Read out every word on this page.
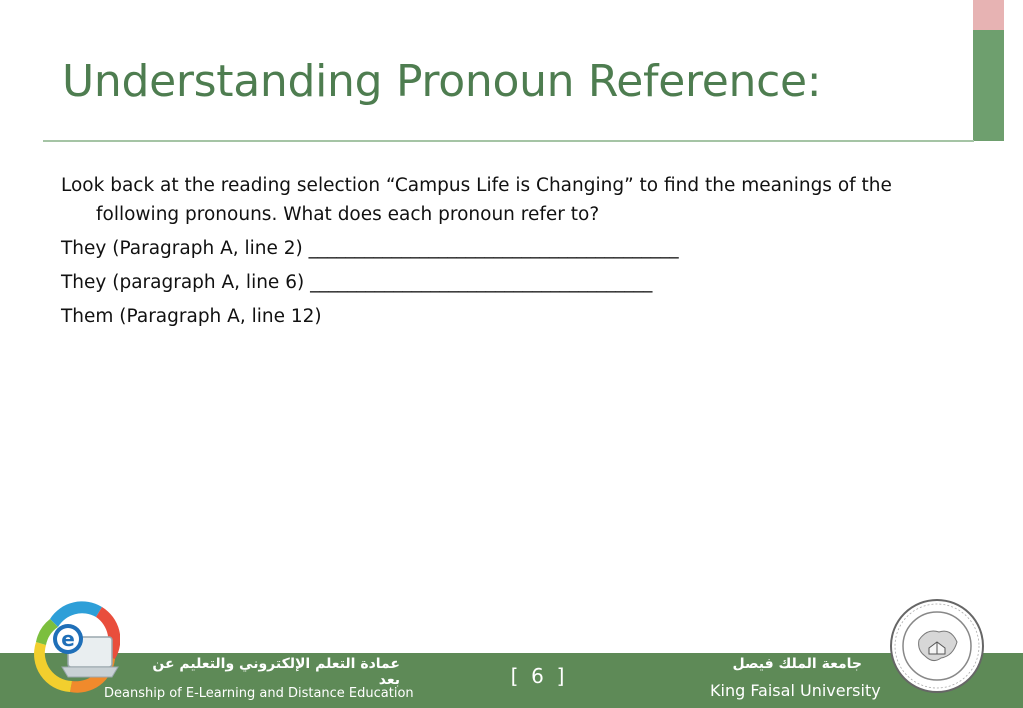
Understanding Pronoun Reference:

Look back at the reading selection “Campus Life is Changing” to find the meanings of the following pronouns. What does each pronoun refer to?

They (Paragraph A, line 2) ________________________________________

They (paragraph A, line 6) _____________________________________

Them (Paragraph A, line 12)

عمادة التعلم الإلكتروني والتعليم عن بعد
Deanship of E-Learning and Distance Education
[  6  ]	جامعة الملك فيصل
King Faisal University
e
